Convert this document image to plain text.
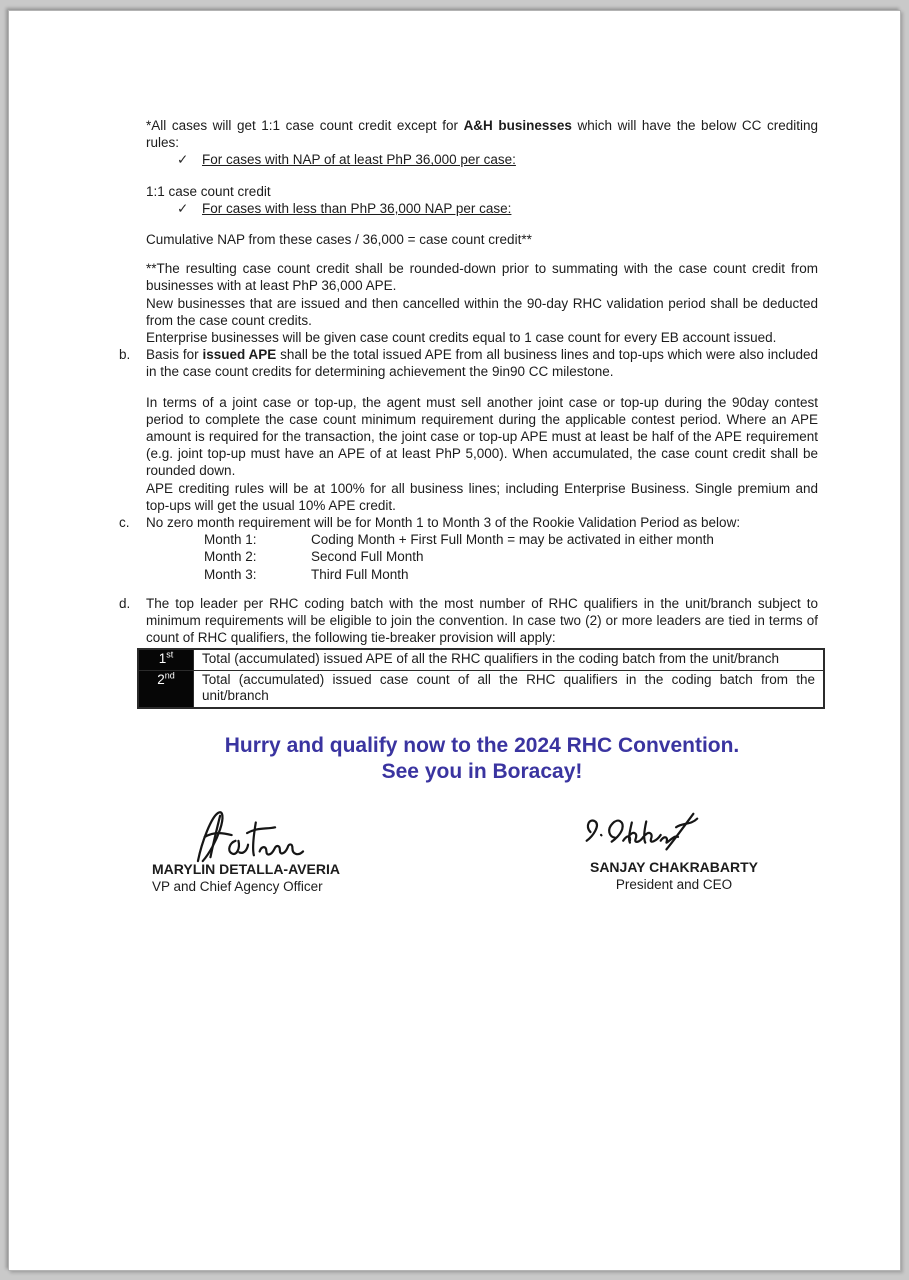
*All cases will get 1:1 case count credit except for A&H businesses which will have the below CC crediting rules:

✓ For cases with NAP of at least PhP 36,000 per case:

1:1 case count credit

✓ For cases with less than PhP 36,000 NAP per case:

Cumulative NAP from these cases / 36,000 = case count credit**

**The resulting case count credit shall be rounded-down prior to summating with the case count credit from businesses with at least PhP 36,000 APE.

New businesses that are issued and then cancelled within the 90-day RHC validation period shall be deducted from the case count credits.

Enterprise businesses will be given case count credits equal to 1 case count for every EB account issued.

b.	Basis for issued APE shall be the total issued APE from all business lines and top-ups which were also included in the case count credits for determining achievement the 9in90 CC milestone.

In terms of a joint case or top-up, the agent must sell another joint case or top-up during the 90day contest period to complete the case count minimum requirement during the applicable contest period. Where an APE amount is required for the transaction, the joint case or top-up APE must at least be half of the APE requirement (e.g. joint top-up must have an APE of at least PhP 5,000). When accumulated, the case count credit shall be rounded down.

APE crediting rules will be at 100% for all business lines; including Enterprise Business. Single premium and top-ups will get the usual 10% APE credit.

c.	No zero month requirement will be for Month 1 to Month 3 of the Rookie Validation Period as below:

Month 1:	Coding Month + First Full Month = may be activated in either month
Month 2:	Second Full Month
Month 3:	Third Full Month
d.	The top leader per RHC coding batch with the most number of RHC qualifiers in the unit/branch subject to minimum requirements will be eligible to join the convention. In case two (2) or more leaders are tied in terms of count of RHC qualifiers, the following tie-breaker provision will apply:

1st	Total (accumulated) issued APE of all the RHC qualifiers in the coding batch from the unit/branch
2nd	Total (accumulated) issued case count of all the RHC qualifiers in the coding batch from the unit/branch
Hurry and qualify now to the 2024 RHC Convention.
See you in Boracay!
MARYLIN DETALLA-AVERIA
VP and Chief Agency Officer
SANJAY CHAKRABARTY
President and CEO
